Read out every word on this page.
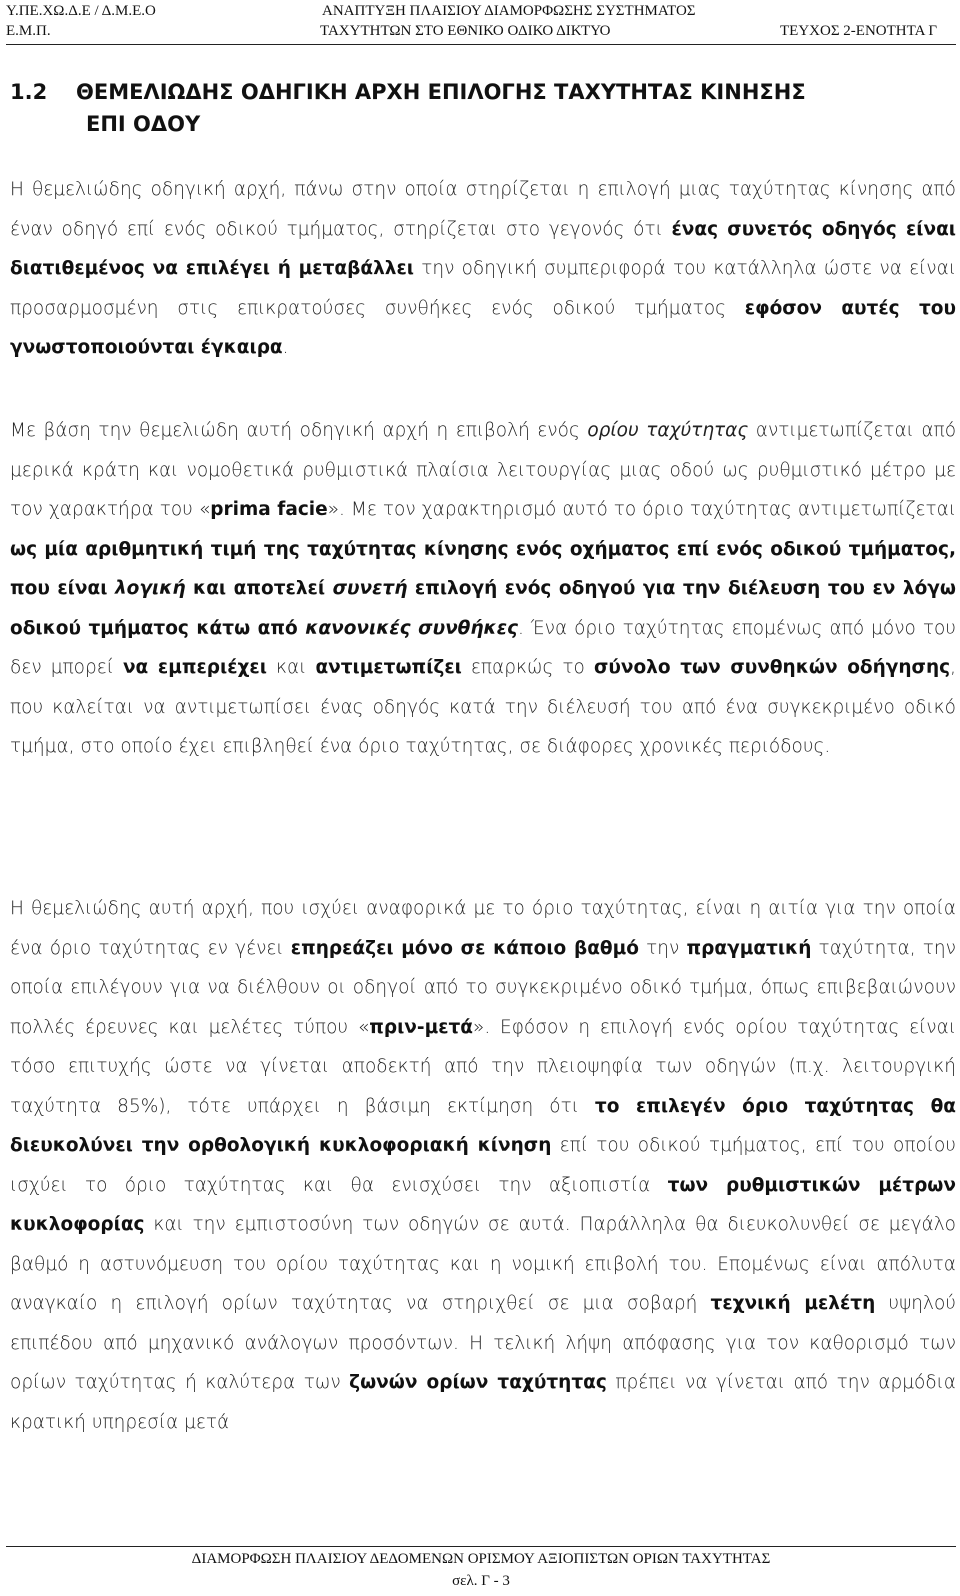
Υ.ΠΕ.ΧΩ.Δ.Ε / Δ.Μ.Ε.Ο
Ε.Μ.Π.
ΑΝΑΠΤΥΞΗ ΠΛΑΙΣΙΟΥ ΔΙΑΜΟΡΦΩΣΗΣ ΣΥΣΤΗΜΑΤΟΣ
ΤΑΧΥΤΗΤΩΝ ΣΤΟ ΕΘΝΙΚΟ ΟΔΙΚΟ ΔΙΚΤΥΟ	ΤΕΥΧΟΣ 2-ΕΝΟΤΗΤΑ Γ
1.2 ΘΕΜΕΛΙΩΔΗΣ ΟΔΗΓΙΚΗ ΑΡΧΗ ΕΠΙΛΟΓΗΣ ΤΑΧΥΤΗΤΑΣ ΚΙΝΗΣΗΣ
ΕΠΙ ΟΔΟΥ
Η θεμελιώδης οδηγική αρχή, πάνω στην οποία στηρίζεται η επιλογή μιας ταχύτητας κίνησης από έναν οδηγό επί ενός οδικού τμήματος, στηρίζεται στο γεγονός ότι ένας συνετός οδηγός είναι διατιθεμένος να επιλέγει ή μεταβάλλει την οδηγική συμπεριφορά του κατάλληλα ώστε να είναι προσαρμοσμένη στις επικρατούσες συνθήκες ενός οδικού τμήματος εφόσον αυτές του γνωστοποιούνται έγκαιρα.
Με βάση την θεμελιώδη αυτή οδηγική αρχή η επιβολή ενός ορίου ταχύτητας αντιμετωπίζεται από μερικά κράτη και νομοθετικά ρυθμιστικά πλαίσια λειτουργίας μιας οδού ως ρυθμιστικό μέτρο με τον χαρακτήρα του «prima facie». Με τον χαρακτηρισμό αυτό το όριο ταχύτητας αντιμετωπίζεται ως μία αριθμητική τιμή της ταχύτητας κίνησης ενός οχήματος επί ενός οδικού τμήματος, που είναι λογική και αποτελεί συνετή επιλογή ενός οδηγού για την διέλευση του εν λόγω οδικού τμήματος κάτω από κανονικές συνθήκες. Ένα όριο ταχύτητας επομένως από μόνο του δεν μπορεί να εμπεριέχει και αντιμετωπίζει επαρκώς το σύνολο των συνθηκών οδήγησης, που καλείται να αντιμετωπίσει ένας οδηγός κατά την διέλευσή του από ένα συγκεκριμένο οδικό τμήμα, στο οποίο έχει επιβληθεί ένα όριο ταχύτητας, σε διάφορες χρονικές περιόδους.
Η θεμελιώδης αυτή αρχή, που ισχύει αναφορικά με το όριο ταχύτητας, είναι η αιτία για την οποία ένα όριο ταχύτητας εν γένει επηρεάζει μόνο σε κάποιο βαθμό την πραγματική ταχύτητα, την οποία επιλέγουν για να διέλθουν οι οδηγοί από το συγκεκριμένο οδικό τμήμα, όπως επιβεβαιώνουν πολλές έρευνες και μελέτες τύπου «πριν-μετά». Εφόσον η επιλογή ενός ορίου ταχύτητας είναι τόσο επιτυχής ώστε να γίνεται αποδεκτή από την πλειοψηφία των οδηγών (π.χ. λειτουργική ταχύτητα 85%), τότε υπάρχει η βάσιμη εκτίμηση ότι το επιλεγέν όριο ταχύτητας θα διευκολύνει την ορθολογική κυκλοφοριακή κίνηση επί του οδικού τμήματος, επί του οποίου ισχύει το όριο ταχύτητας και θα ενισχύσει την αξιοπιστία των ρυθμιστικών μέτρων κυκλοφορίας και την εμπιστοσύνη των οδηγών σε αυτά. Παράλληλα θα διευκολυνθεί σε μεγάλο βαθμό η αστυνόμευση του ορίου ταχύτητας και η νομική επιβολή του. Επομένως είναι απόλυτα αναγκαίο η επιλογή ορίων ταχύτητας να στηριχθεί σε μια σοβαρή τεχνική μελέτη υψηλού επιπέδου από μηχανικό ανάλογων προσόντων. Η τελική λήψη απόφασης για τον καθορισμό των ορίων ταχύτητας ή καλύτερα των ζωνών ορίων ταχύτητας πρέπει να γίνεται από την αρμόδια κρατική υπηρεσία μετά
ΔΙΑΜΟΡΦΩΣΗ ΠΛΑΙΣΙΟΥ ΔΕΔΟΜΕΝΩΝ ΟΡΙΣΜΟΥ ΑΞΙΟΠΙΣΤΩΝ ΟΡΙΩΝ ΤΑΧΥΤΗΤΑΣ
σελ. Γ - 3
